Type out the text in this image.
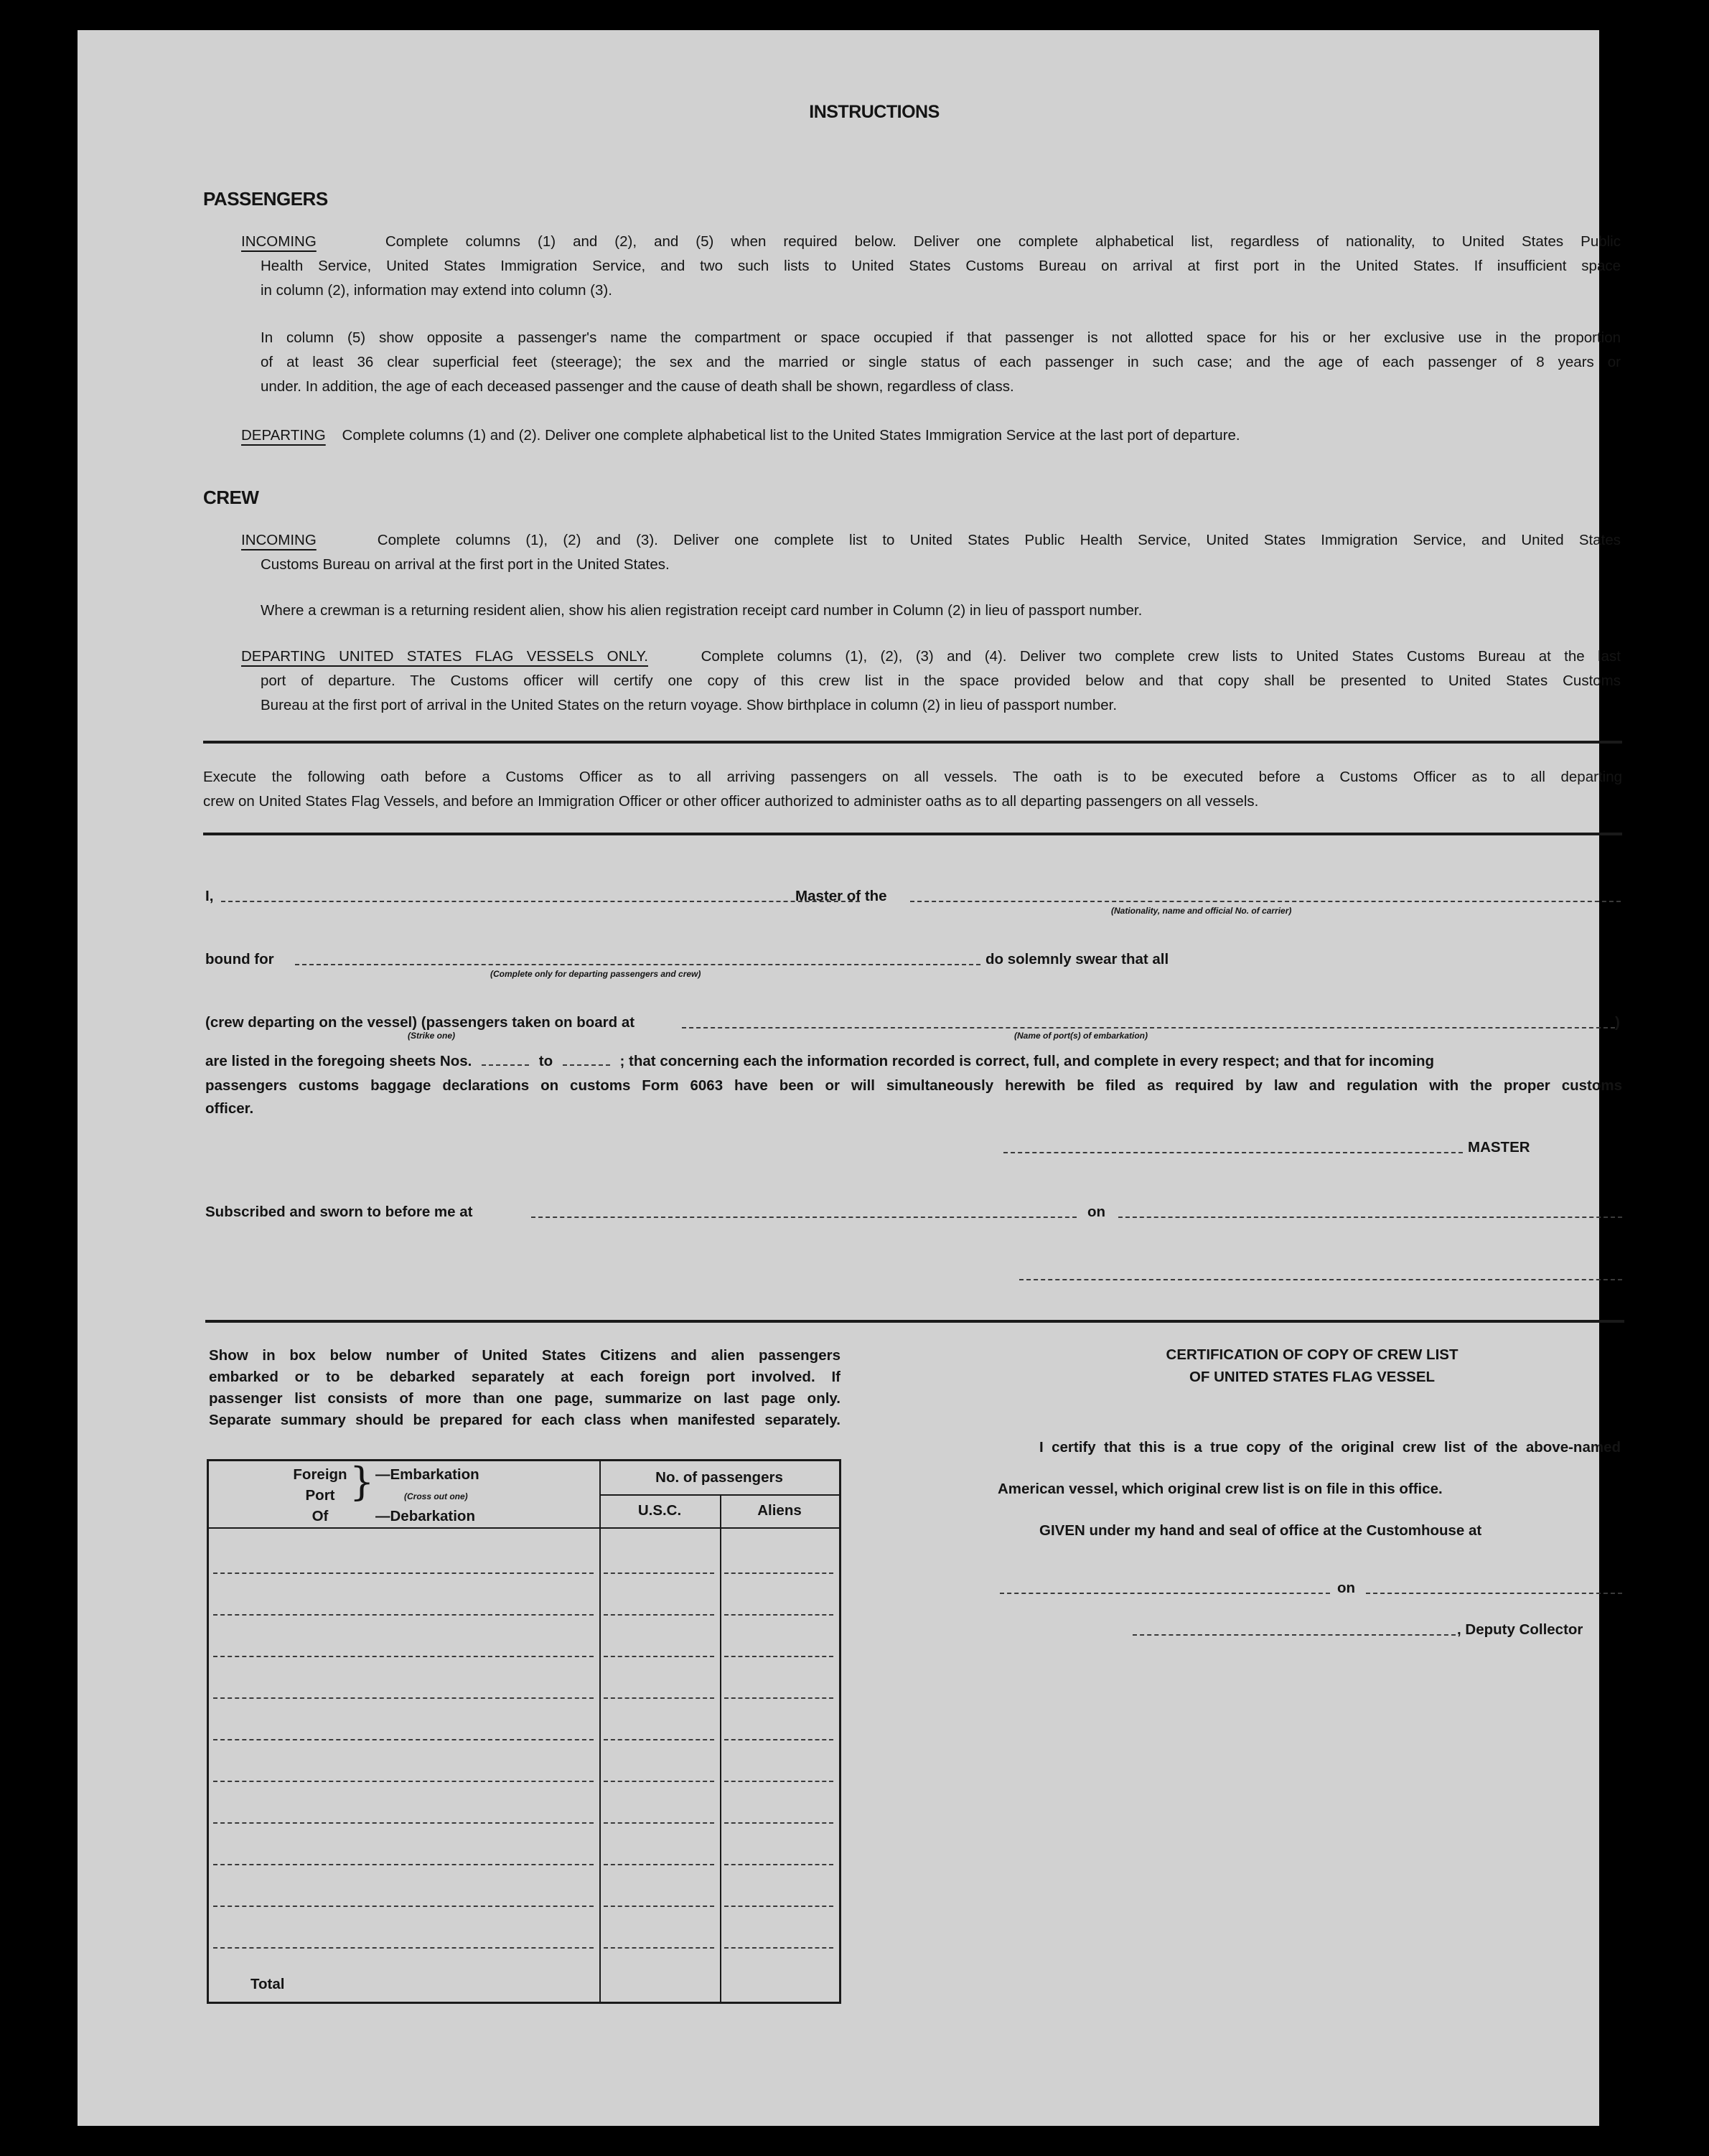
INSTRUCTIONS
PASSENGERS
INCOMING	Complete columns (1) and (2), and (5) when required below. Deliver one complete alphabetical list, regardless of nationality, to United States Public
Health Service, United States Immigration Service, and two such lists to United States Customs Bureau on arrival at first port in the United States. If insufficient space
in column (2), information may extend into column (3).
In column (5) show opposite a passenger's name the compartment or space occupied if that passenger is not allotted space for his or her exclusive use in the proportion
of at least 36 clear superficial feet (steerage); the sex and the married or single status of each passenger in such case; and the age of each passenger of 8 years or
under. In addition, the age of each deceased passenger and the cause of death shall be shown, regardless of class.
DEPARTING Complete columns (1) and (2). Deliver one complete alphabetical list to the United States Immigration Service at the last port of departure.
CREW
INCOMING	Complete columns (1), (2) and (3). Deliver one complete list to United States Public Health Service, United States Immigration Service, and United States
Customs Bureau on arrival at the first port in the United States.
Where a crewman is a returning resident alien, show his alien registration receipt card number in Column (2) in lieu of passport number.
DEPARTING UNITED STATES FLAG VESSELS ONLY.	Complete columns (1), (2), (3) and (4). Deliver two complete crew lists to United States Customs Bureau at the last
port of departure. The Customs officer will certify one copy of this crew list in the space provided below and that copy shall be presented to United States Customs
Bureau at the first port of arrival in the United States on the return voyage. Show birthplace in column (2) in lieu of passport number.
Execute the following oath before a Customs Officer as to all arriving passengers on all vessels. The oath is to be executed before a Customs Officer as to all departing
crew on United States Flag Vessels, and before an Immigration Officer or other officer authorized to administer oaths as to all departing passengers on all vessels.
I,	Master of the
(Nationality, name and official No. of carrier)
bound for
(Complete only for departing passengers and crew)
do solemnly swear that all
(crew departing on the vessel) (passengers taken on board at	)
(Strike one)	(Name of port(s) of embarkation)
are listed in the foregoing sheets Nos.	to	; that concerning each the information recorded is correct, full, and complete in every respect; and that for incoming
passengers customs baggage declarations on customs Form 6063 have been or will simultaneously herewith be filed as required by law and regulation with the proper customs
officer.
MASTER
Subscribed and sworn to before me at	on
Show in box below number of United States Citizens and alien passengers
embarked or to be debarked separately at each foreign port involved. If
passenger list consists of more than one page, summarize on last page only.
Separate summary should be prepared for each class when manifested separately.
Foreign
Port
Of
} —Embarkation
(Cross out one)
—Debarkation
No. of passengers
U.S.C.	Aliens
Total
CERTIFICATION OF COPY OF CREW LIST
OF UNITED STATES FLAG VESSEL
I certify that this is a true copy of the original crew list of the above-named
American vessel, which original crew list is on file in this office.
GIVEN under my hand and seal of office at the Customhouse at
on
, Deputy Collector
